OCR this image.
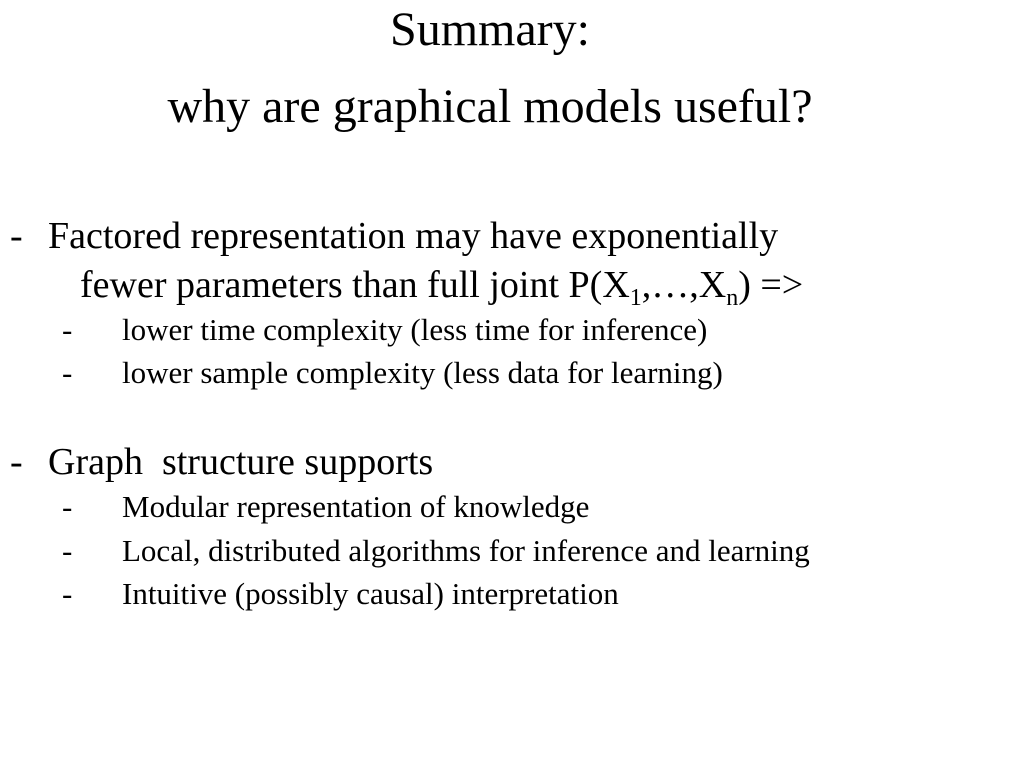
Summary:
why are graphical models useful?
- Factored representation may have exponentially
fewer parameters than full joint $P(X_1,\dots,X_n)$ =>
- lower time complexity (less time for inference)
- lower sample complexity (less data for learning)
- Graph  structure supports
- Modular representation of knowledge
- Local, distributed algorithms for inference and learning
- Intuitive (possibly causal) interpretation
